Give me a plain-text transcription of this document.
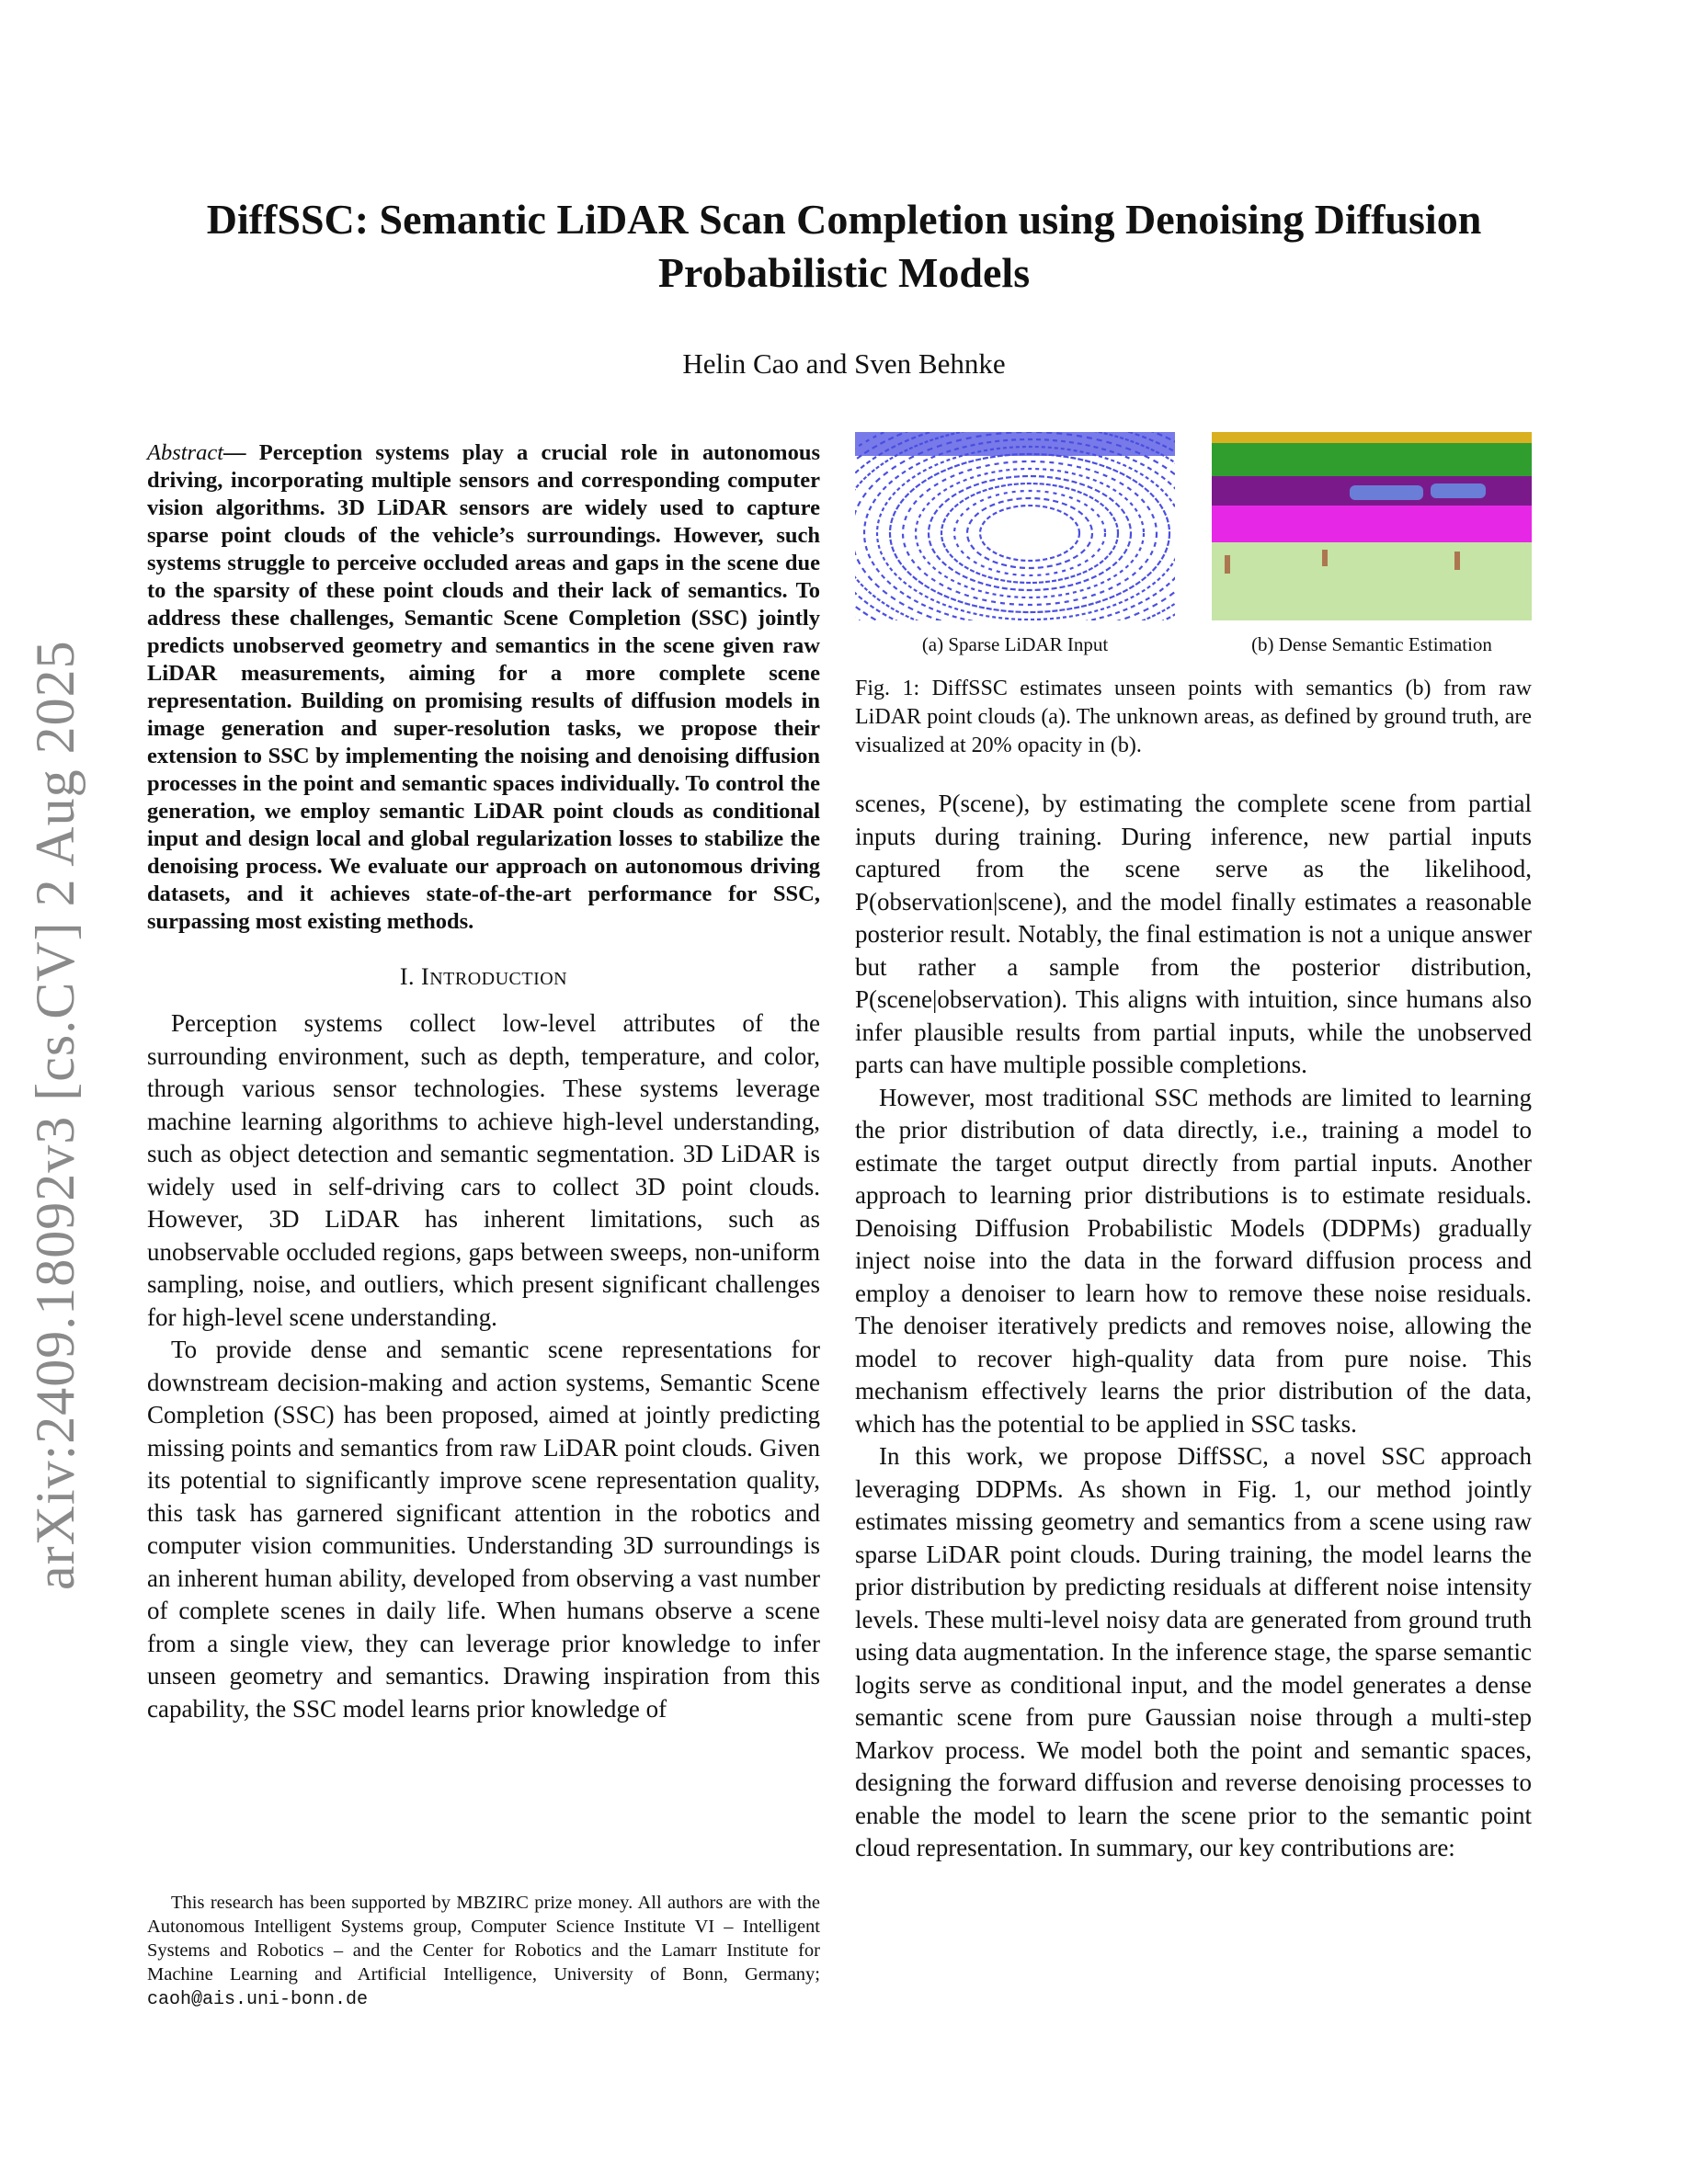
arXiv:2409.18092v3 [cs.CV] 2 Aug 2025
DiffSSC: Semantic LiDAR Scan Completion using Denoising Diffusion Probabilistic Models
Helin Cao and Sven Behnke

Abstract— Perception systems play a crucial role in autonomous driving, incorporating multiple sensors and corresponding computer vision algorithms. 3D LiDAR sensors are widely used to capture sparse point clouds of the vehicle’s surroundings. However, such systems struggle to perceive occluded areas and gaps in the scene due to the sparsity of these point clouds and their lack of semantics. To address these challenges, Semantic Scene Completion (SSC) jointly predicts unobserved geometry and semantics in the scene given raw LiDAR measurements, aiming for a more complete scene representation. Building on promising results of diffusion models in image generation and super-resolution tasks, we propose their extension to SSC by implementing the noising and denoising diffusion processes in the point and semantic spaces individually. To control the generation, we employ semantic LiDAR point clouds as conditional input and design local and global regularization losses to stabilize the denoising process. We evaluate our approach on autonomous driving datasets, and it achieves state-of-the-art performance for SSC, surpassing most existing methods.

I. INTRODUCTION

Perception systems collect low-level attributes of the surrounding environment, such as depth, temperature, and color, through various sensor technologies. These systems leverage machine learning algorithms to achieve high-level understanding, such as object detection and semantic segmentation. 3D LiDAR is widely used in self-driving cars to collect 3D point clouds. However, 3D LiDAR has inherent limitations, such as unobservable occluded regions, gaps between sweeps, non-uniform sampling, noise, and outliers, which present significant challenges for high-level scene understanding.

To provide dense and semantic scene representations for downstream decision-making and action systems, Semantic Scene Completion (SSC) has been proposed, aimed at jointly predicting missing points and semantics from raw LiDAR point clouds. Given its potential to significantly improve scene representation quality, this task has garnered significant attention in the robotics and computer vision communities. Understanding 3D surroundings is an inherent human ability, developed from observing a vast number of complete scenes in daily life. When humans observe a scene from a single view, they can leverage prior knowledge to infer unseen geometry and semantics. Drawing inspiration from this capability, the SSC model learns prior knowledge of

This research has been supported by MBZIRC prize money. All authors are with the Autonomous Intelligent Systems group, Computer Science Institute VI – Intelligent Systems and Robotics – and the Center for Robotics and the Lamarr Institute for Machine Learning and Artificial Intelligence, University of Bonn, Germany; caoh@ais.uni-bonn.de

(a) Sparse LiDAR Input	(b) Dense Semantic Estimation

Fig. 1: DiffSSC estimates unseen points with semantics (b) from raw LiDAR point clouds (a). The unknown areas, as defined by ground truth, are visualized at 20% opacity in (b).

scenes, P(scene), by estimating the complete scene from partial inputs during training. During inference, new partial inputs captured from the scene serve as the likelihood, P(observation|scene), and the model finally estimates a reasonable posterior result. Notably, the final estimation is not a unique answer but rather a sample from the posterior distribution, P(scene|observation). This aligns with intuition, since humans also infer plausible results from partial inputs, while the unobserved parts can have multiple possible completions.

However, most traditional SSC methods are limited to learning the prior distribution of data directly, i.e., training a model to estimate the target output directly from partial inputs. Another approach to learning prior distributions is to estimate residuals. Denoising Diffusion Probabilistic Models (DDPMs) gradually inject noise into the data in the forward diffusion process and employ a denoiser to learn how to remove these noise residuals. The denoiser iteratively predicts and removes noise, allowing the model to recover high-quality data from pure noise. This mechanism effectively learns the prior distribution of the data, which has the potential to be applied in SSC tasks.

In this work, we propose DiffSSC, a novel SSC approach leveraging DDPMs. As shown in Fig. 1, our method jointly estimates missing geometry and semantics from a scene using raw sparse LiDAR point clouds. During training, the model learns the prior distribution by predicting residuals at different noise intensity levels. These multi-level noisy data are generated from ground truth using data augmentation. In the inference stage, the sparse semantic logits serve as conditional input, and the model generates a dense semantic scene from pure Gaussian noise through a multi-step Markov process. We model both the point and semantic spaces, designing the forward diffusion and reverse denoising processes to enable the model to learn the scene prior to the semantic point cloud representation. In summary, our key contributions are:
